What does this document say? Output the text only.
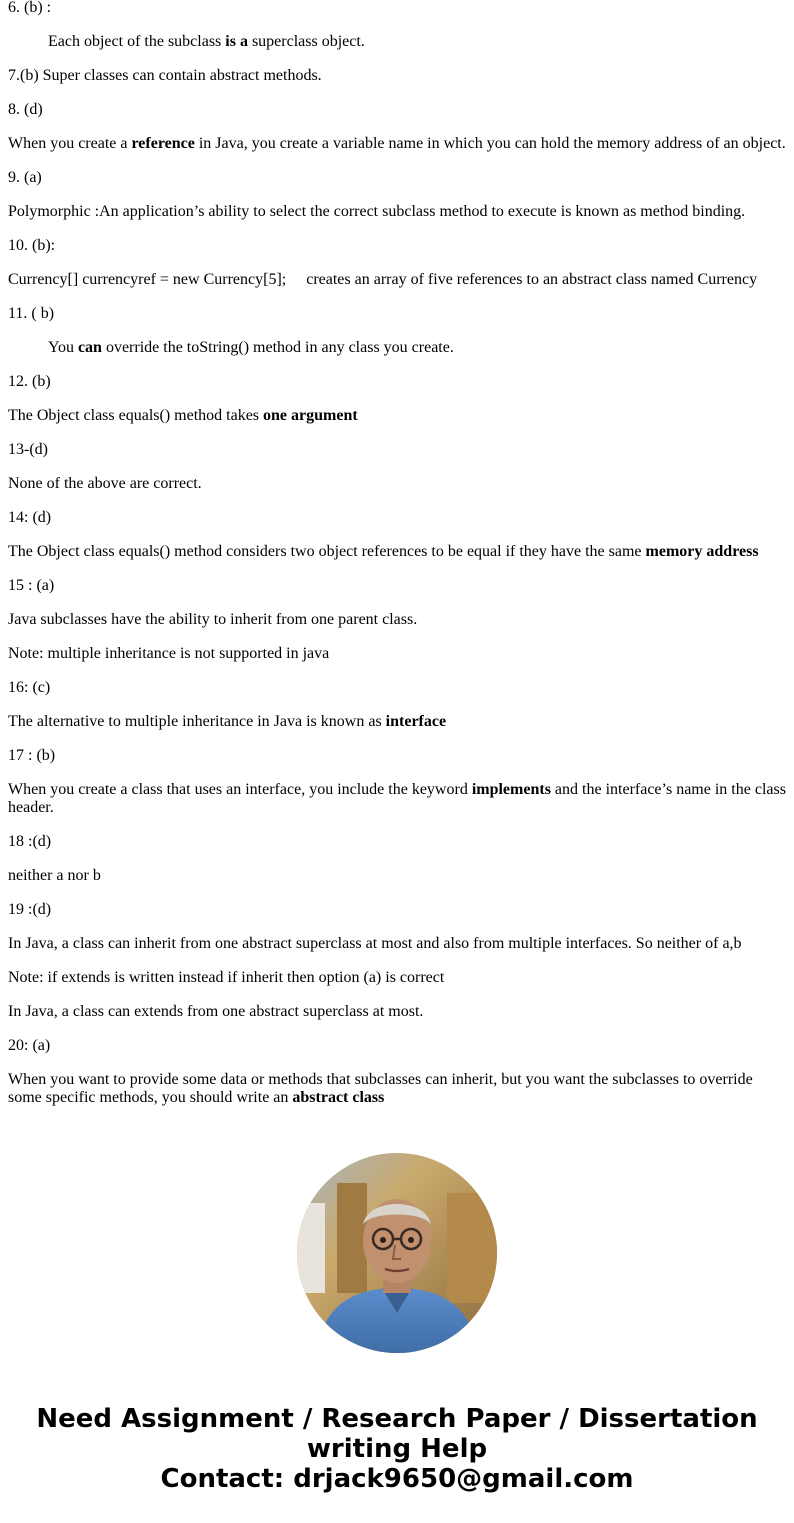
6. (b) :

Each object of the subclass is a superclass object.

7.(b) Super classes can contain abstract methods.

8. (d)

When you create a reference in Java, you create a variable name in which you can hold the memory address of an object.

9. (a)

Polymorphic :An application’s ability to select the correct subclass method to execute is known as method binding.

10. (b):

Currency[] currencyref = new Currency[5]; creates an array of five references to an abstract class named Currency

11. ( b)

You can override the toString() method in any class you create.

12. (b)

The Object class equals() method takes one argument

13-(d)

None of the above are correct.

14: (d)

The Object class equals() method considers two object references to be equal if they have the same memory address

15 : (a)

Java subclasses have the ability to inherit from one parent class.

Note: multiple inheritance is not supported in java

16: (c)

The alternative to multiple inheritance in Java is known as interface

17 : (b)

When you create a class that uses an interface, you include the keyword implements and the interface’s name in the class header.

18 :(d)

neither a nor b

19 :(d)

In Java, a class can inherit from one abstract superclass at most and also from multiple interfaces. So neither of a,b

Note: if extends is written instead if inherit then option (a) is correct

In Java, a class can extends from one abstract superclass at most.

20: (a)

When you want to provide some data or methods that subclasses can inherit, but you want the subclasses to override some specific methods, you should write an abstract class

Need Assignment / Research Paper / Dissertation writing Help
Contact: drjack9650@gmail.com
